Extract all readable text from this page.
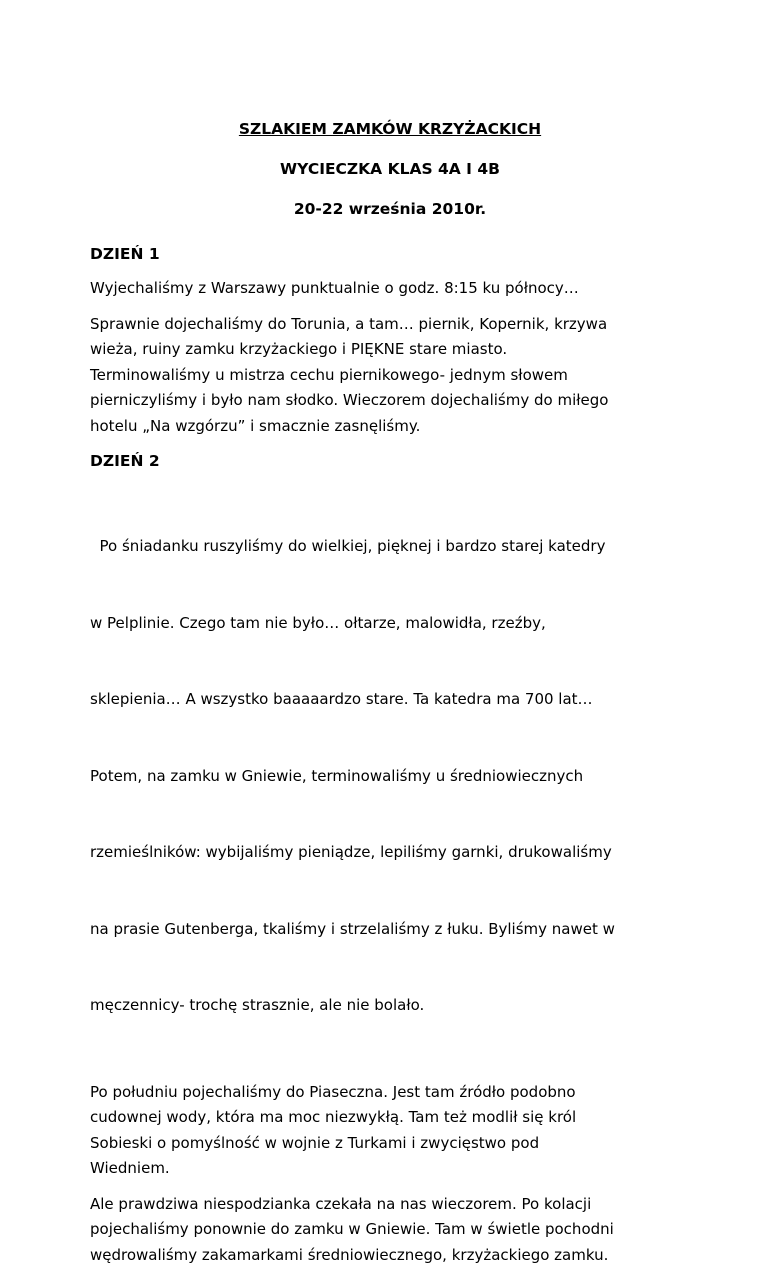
SZLAKIEM ZAMKÓW KRZYŻACKICH

WYCIECZKA KLAS 4A I 4B

20-22 września 2010r.

DZIEŃ 1

Wyjechaliśmy z Warszawy punktualnie o godz. 8:15 ku północy…

Sprawnie dojechaliśmy do Torunia, a tam… piernik, Kopernik, krzywa
wieża, ruiny zamku krzyżackiego i PIĘKNE stare miasto.
Terminowaliśmy u mistrza cechu piernikowego- jednym słowem
pierniczyliśmy i było nam słodko. Wieczorem dojechaliśmy do miłego
hotelu „Na wzgórzu” i smacznie zasnęliśmy.

DZIEŃ 2

Po śniadanku ruszyliśmy do wielkiej, pięknej i bardzo starej katedry

w Pelplinie. Czego tam nie było… ołtarze, malowidła, rzeźby,

sklepienia… A wszystko baaaaardzo stare. Ta katedra ma 700 lat…

Potem, na zamku w Gniewie, terminowaliśmy u średniowiecznych

rzemieślników: wybijaliśmy pieniądze, lepiliśmy garnki, drukowaliśmy

na prasie Gutenberga, tkaliśmy i strzelaliśmy z łuku. Byliśmy nawet w

męczennicy- trochę strasznie, ale nie bolało.

Po południu pojechaliśmy do Piaseczna. Jest tam źródło podobno
cudownej wody, która ma moc niezwykłą. Tam też modlił się król
Sobieski o pomyślność w wojnie z Turkami i zwycięstwo pod
Wiedniem.

Ale prawdziwa niespodzianka czekała na nas wieczorem. Po kolacji
pojechaliśmy ponownie do zamku w Gniewie. Tam w świetle pochodni
wędrowaliśmy zakamarkami średniowiecznego, krzyżackiego zamku.
